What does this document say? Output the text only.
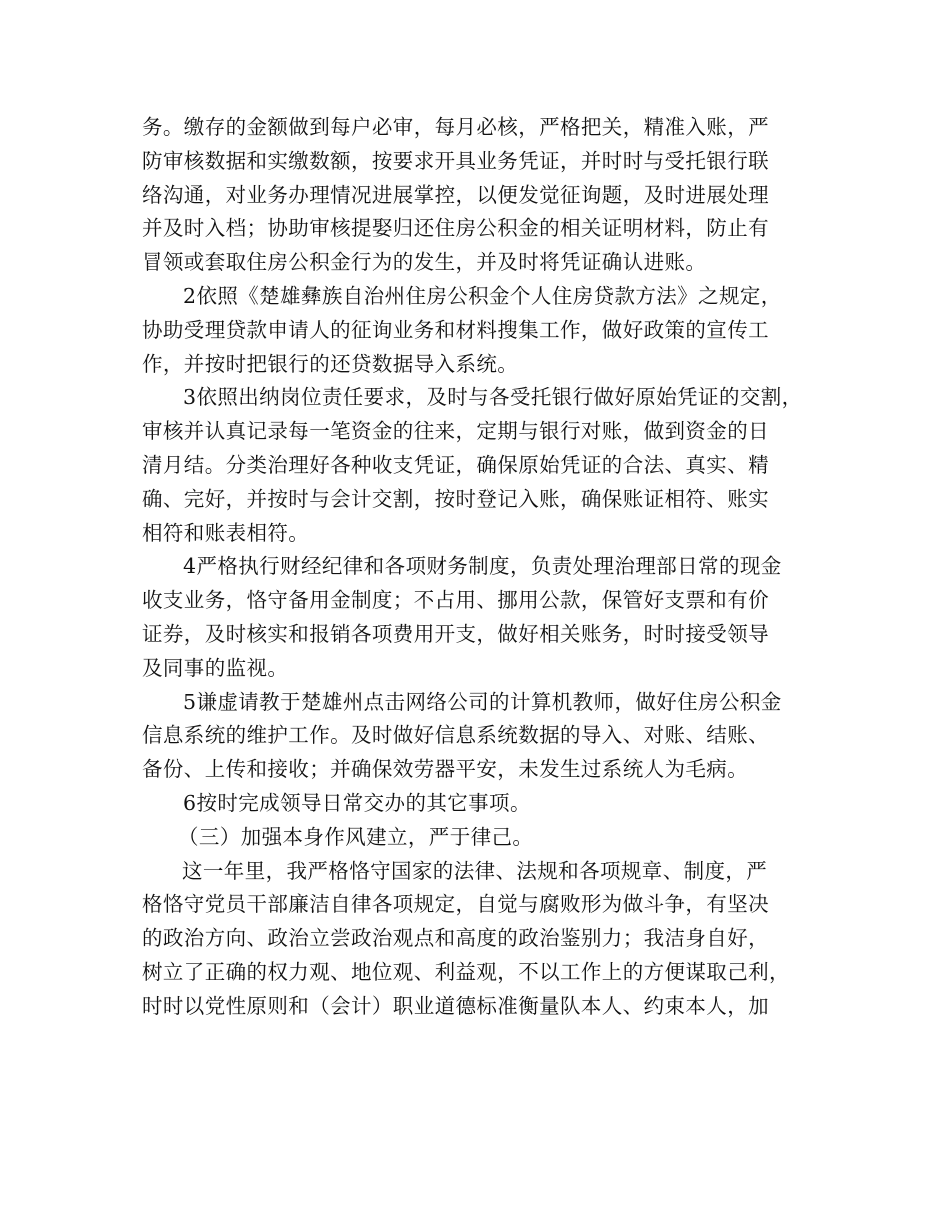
务。缴存的金额做到每户必审，每月必核，严格把关，精准入账，严
防审核数据和实缴数额，按要求开具业务凭证，并时时与受托银行联
络沟通，对业务办理情况进展掌控，以便发觉征询题，及时进展处理
并及时入档；协助审核提娶归还住房公积金的相关证明材料，防止有
冒领或套取住房公积金行为的发生，并及时将凭证确认进账。
2依照《楚雄彝族自治州住房公积金个人住房贷款方法》之规定，
协助受理贷款申请人的征询业务和材料搜集工作，做好政策的宣传工
作，并按时把银行的还贷数据导入系统。
3依照出纳岗位责任要求，及时与各受托银行做好原始凭证的交割，
审核并认真记录每一笔资金的往来，定期与银行对账，做到资金的日
清月结。分类治理好各种收支凭证，确保原始凭证的合法、真实、精
确、完好，并按时与会计交割，按时登记入账，确保账证相符、账实
相符和账表相符。
4严格执行财经纪律和各项财务制度，负责处理治理部日常的现金
收支业务，恪守备用金制度；不占用、挪用公款，保管好支票和有价
证券，及时核实和报销各项费用开支，做好相关账务，时时接受领导
及同事的监视。
5谦虚请教于楚雄州点击网络公司的计算机教师，做好住房公积金
信息系统的维护工作。及时做好信息系统数据的导入、对账、结账、
备份、上传和接收；并确保效劳器平安，未发生过系统人为毛病。
6按时完成领导日常交办的其它事项。
（三）加强本身作风建立，严于律己。
这一年里，我严格恪守国家的法律、法规和各项规章、制度，严
格恪守党员干部廉洁自律各项规定，自觉与腐败形为做斗争，有坚决
的政治方向、政治立尝政治观点和高度的政治鉴别力；我洁身自好，
树立了正确的权力观、地位观、利益观，不以工作上的方便谋取己利，
时时以党性原则和（会计）职业道德标准衡量队本人、约束本人，加
